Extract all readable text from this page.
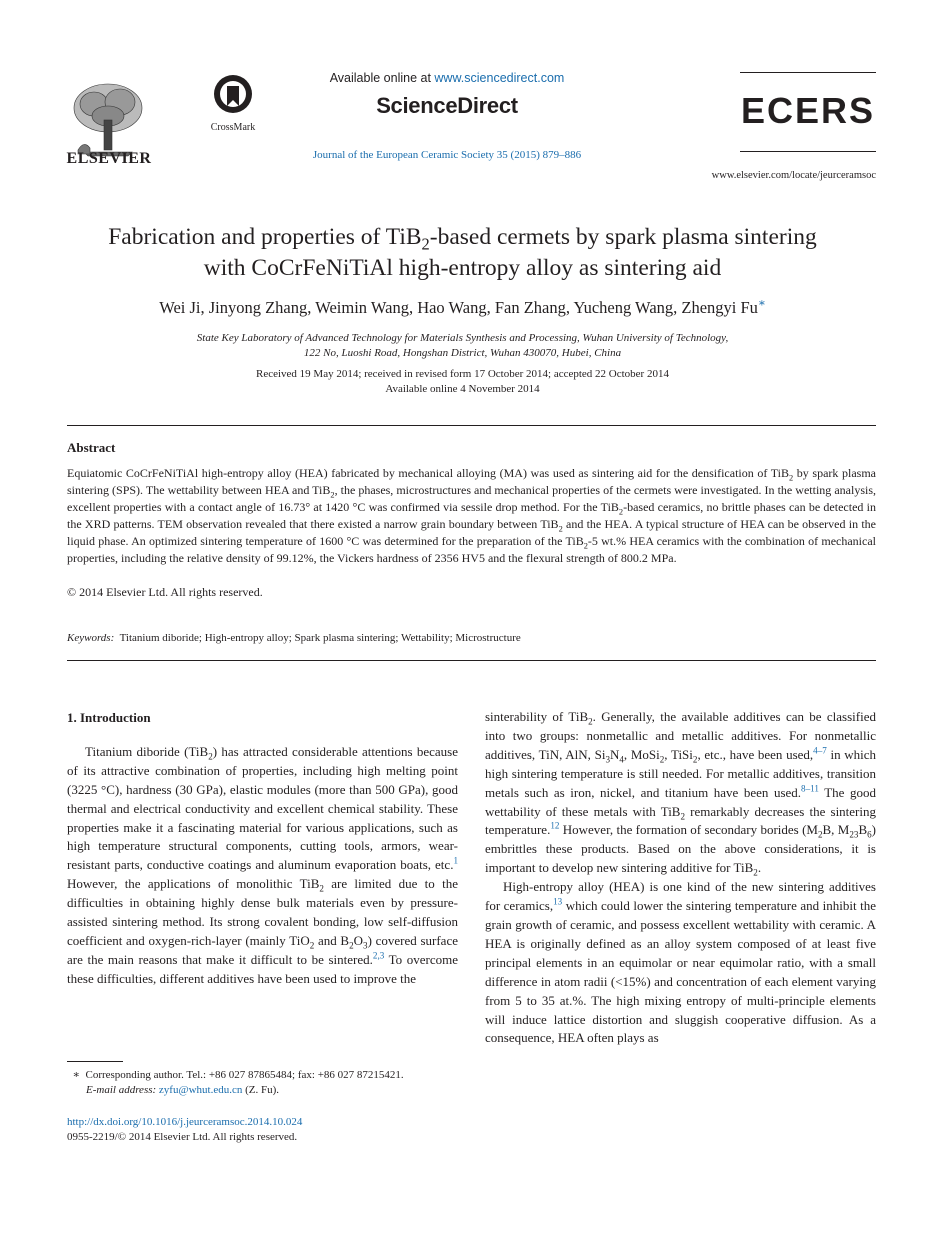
ELSEVIER
CrossMark
Available online at www.sciencedirect.com
ScienceDirect
Journal of the European Ceramic Society 35 (2015) 879–886
ECERS
www.elsevier.com/locate/jeurceramsoc
Fabrication and properties of TiB$_2$-based cermets by spark plasma sintering
with CoCrFeNiTiAl high-entropy alloy as sintering aid
Wei Ji, Jinyong Zhang, Weimin Wang, Hao Wang, Fan Zhang, Yucheng Wang, Zhengyi Fu∗
State Key Laboratory of Advanced Technology for Materials Synthesis and Processing, Wuhan University of Technology,
122 No, Luoshi Road, Hongshan District, Wuhan 430070, Hubei, China
Received 19 May 2014; received in revised form 17 October 2014; accepted 22 October 2014
Available online 4 November 2014
Abstract
Equiatomic CoCrFeNiTiAl high-entropy alloy (HEA) fabricated by mechanical alloying (MA) was used as sintering aid for the densification of TiB$_2$ by spark plasma sintering (SPS). The wettability between HEA and TiB$_2$, the phases, microstructures and mechanical properties of the cermets were investigated. In the wetting analysis, excellent properties with a contact angle of 16.73° at 1420 °C was confirmed via sessile drop method. For the TiB$_2$-based ceramics, no brittle phases can be detected in the XRD patterns. TEM observation revealed that there existed a narrow grain boundary between TiB$_2$ and the HEA. A typical structure of HEA can be observed in the liquid phase. An optimized sintering temperature of 1600 °C was determined for the preparation of the TiB$_2$-5 wt.% HEA ceramics with the combination of mechanical properties, including the relative density of 99.12%, the Vickers hardness of 2356 HV5 and the flexural strength of 800.2 MPa.
© 2014 Elsevier Ltd. All rights reserved.
Keywords: Titanium diboride; High-entropy alloy; Spark plasma sintering; Wettability; Microstructure

1. Introduction

Titanium diboride (TiB$_2$) has attracted considerable attentions because of its attractive combination of properties, including high melting point (3225 °C), hardness (30 GPa), elastic modules (more than 500 GPa), good thermal and electrical conductivity and excellent chemical stability. These properties make it a fascinating material for various applications, such as high temperature structural components, cutting tools, armors, wear-resistant parts, conductive coatings and aluminum evaporation boats, etc.$^1$ However, the applications of monolithic TiB$_2$ are limited due to the difficulties in obtaining highly dense bulk materials even by pressure-assisted sintering method. Its strong covalent bonding, low self-diffusion coefficient and oxygen-rich-layer (mainly TiO$_2$ and $B_2O_3$) covered surface are the main reasons that make it difficult to be sintered.$^{2,3}$ To overcome these difficulties, different additives have been used to improve the

sinterability of TiB$_2$. Generally, the available additives can be classified into two groups: nonmetallic and metallic additives. For nonmetallic additives, TiN, AlN, $Si_3N_4$, MoSi$_2$, TiSi$_2$, etc., have been used,$^{4-7}$ in which high sintering temperature is still needed. For metallic additives, transition metals such as iron, nickel, and titanium have been used.$^{8-11}$ The good wettability of these metals with TiB$_2$ remarkably decreases the sintering temperature.$^{12}$ However, the formation of secondary borides ($M_2B$, $M_{23}B_6$) embrittles these products. Based on the above considerations, it is important to develop new sintering additive for TiB$_2$.

High-entropy alloy (HEA) is one kind of the new sintering additives for ceramics,$^{13}$ which could lower the sintering temperature and inhibit the grain growth of ceramic, and possess excellent wettability with ceramic. A HEA is originally defined as an alloy system composed of at least five principal elements in an equimolar or near equimolar ratio, with a small difference in atom radii (<15%) and concentration of each element varying from 5 to 35 at.%. The high mixing entropy of multi-principle elements will induce lattice distortion and sluggish cooperative diffusion. As a consequence, HEA often plays as

∗ Corresponding author. Tel.: +86 027 87865484; fax: +86 027 87215421.
E-mail address: zyfu@whut.edu.cn (Z. Fu).
http://dx.doi.org/10.1016/j.jeurceramsoc.2014.10.024
0955-2219/© 2014 Elsevier Ltd. All rights reserved.
